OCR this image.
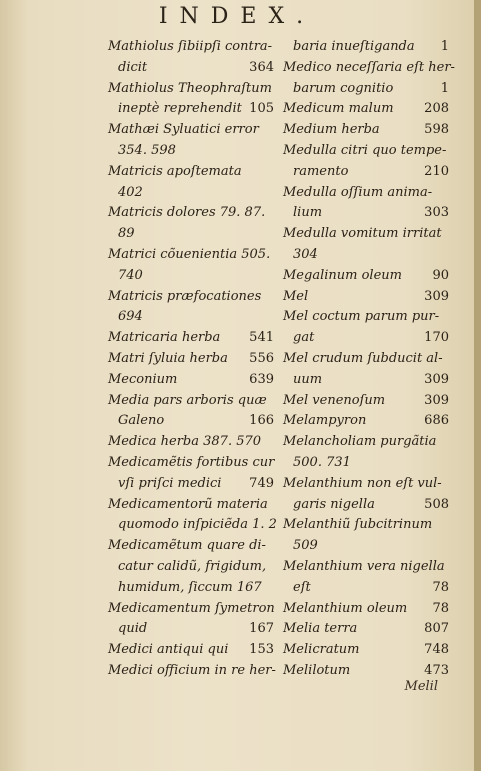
INDEX.
Mathiolus ſibiipſi contra-
dicit	364
Mathiolus Theophraſtum
ineptè reprehendit 105
Mathæi Syluatici error
354. 598
Matricis apoſtemata
402
Matricis dolores 79. 87.
89
Matrici cõuenientia 505.
740
Matricis præfocationes
694
Matricaria herba 541
Matri ſyluia herba 556
Meconium	639
Media pars arboris quæ
Galeno	166
Medica herba 387. 570
Medicamẽtis fortibus cur
vſi priſci medici 749
Medicamentorũ materia
quomodo inſpiciẽda 1. 2
Medicamẽtum quare di-
catur calidũ, frigidum,
humidum, ſiccum 167
Medicamentum ſymetron
quid	167
Medici antiqui qui 153
Medici officium in re her-
baria inueſtiganda 1
Medico neceſſaria eſt her-
barum cognitio	1
Medicum malum 208
Medium herba	598
Medulla citri quo tempe-
ramento	210
Medulla oſſium anima-
lium	303
Medulla vomitum irritat
304
Megalinum oleum 90
Mel	309
Mel coctum parum pur-
gat	170
Mel crudum ſubducit al-
uum	309
Mel venenoſum	309
Melampyron	686
Melancholiam purgãtia
500. 731
Melanthium non eſt vul-
garis nigella	508
Melanthiũ ſubcitrinum
509
Melanthium vera nigella
eſt	78
Melanthium oleum 78
Melia terra	807
Melicratum	748
Melilotum	473
Melil
